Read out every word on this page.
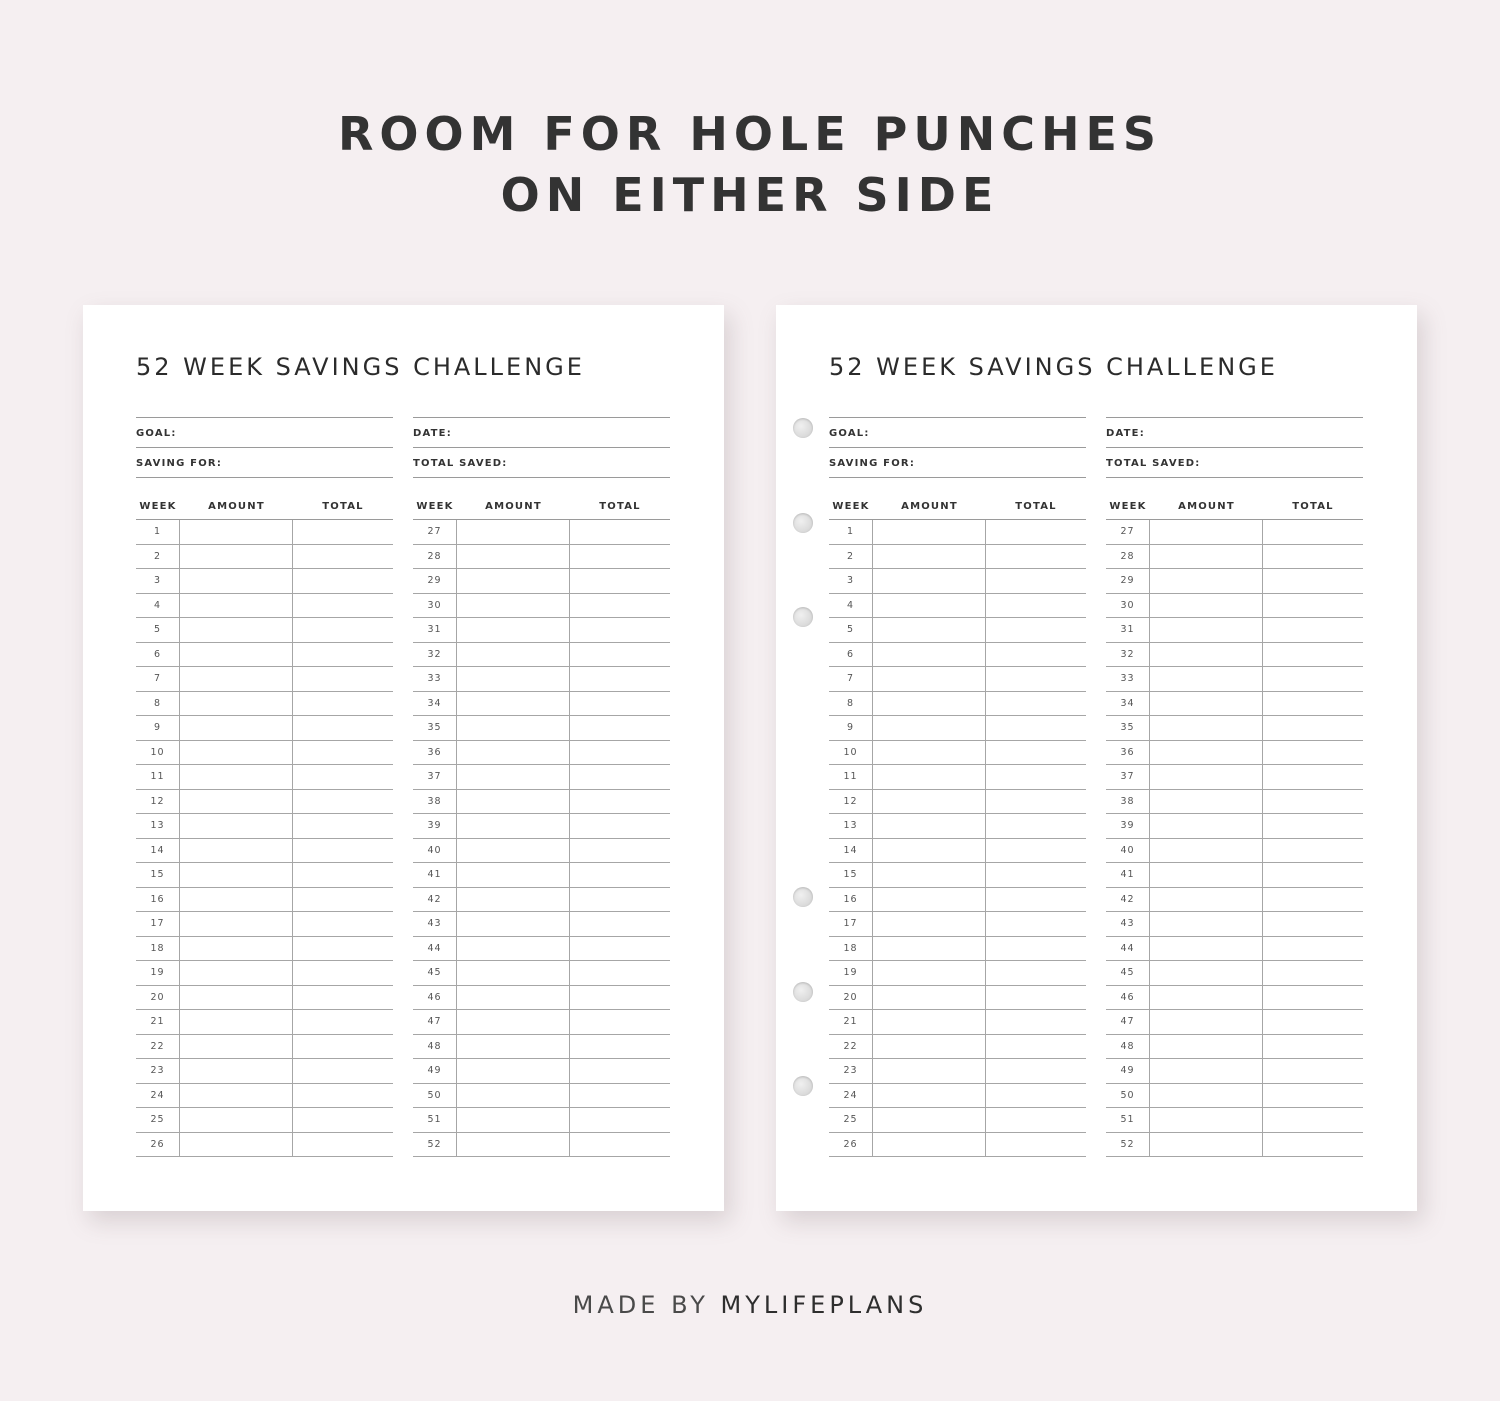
ROOM FOR HOLE PUNCHES
ON EITHER SIDE
52 WEEK SAVINGS CHALLENGE
GOAL:
SAVING FOR:
WEEK	AMOUNT	TOTAL
1
2
3
4
5
6
7
8
9
10
11
12
13
14
15
16
17
18
19
20
21
22
23
24
25
26
DATE:
TOTAL SAVED:
WEEK	AMOUNT	TOTAL
27
28
29
30
31
32
33
34
35
36
37
38
39
40
41
42
43
44
45
46
47
48
49
50
51
52
52 WEEK SAVINGS CHALLENGE
GOAL:
SAVING FOR:
WEEK	AMOUNT	TOTAL
1
2
3
4
5
6
7
8
9
10
11
12
13
14
15
16
17
18
19
20
21
22
23
24
25
26
DATE:
TOTAL SAVED:
WEEK	AMOUNT	TOTAL
27
28
29
30
31
32
33
34
35
36
37
38
39
40
41
42
43
44
45
46
47
48
49
50
51
52
MADE BY MYLIFEPLANS
